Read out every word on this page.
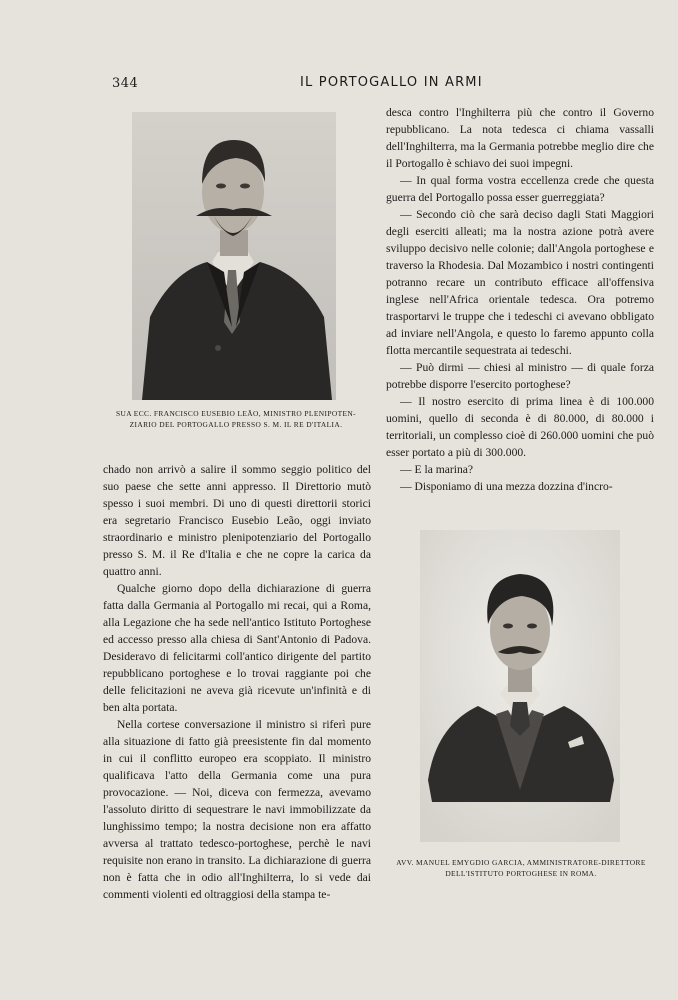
344	IL PORTOGALLO IN ARMI
SUA ECC. FRANCISCO EUSEBIO LEÃO, MINISTRO PLENIPOTEN-
ZIARIO DEL PORTOGALLO PRESSO S. M. IL RE D'ITALIA.

chado non arrivò a salire il sommo seggio politico del suo paese che sette anni appresso. Il Direttorio mutò spesso i suoi membri. Di uno di questi direttorii storici era segretario Francisco Eusebio Leão, oggi inviato straordinario e ministro plenipotenziario del Portogallo presso S. M. il Re d'Italia e che ne copre la carica da quattro anni.

Qualche giorno dopo della dichiarazione di guerra fatta dalla Germania al Portogallo mi recai, qui a Roma, alla Legazione che ha sede nell'antico Istituto Portoghese ed accesso presso alla chiesa di Sant'Antonio di Padova. Desideravo di felicitarmi coll'antico dirigente del partito repubblicano portoghese e lo trovai raggiante poi che delle felicitazioni ne aveva già ricevute un'infinità e di ben alta portata.

Nella cortese conversazione il ministro si riferì pure alla situazione di fatto già preesistente fin dal momento in cui il conflitto europeo era scoppiato. Il ministro qualificava l'atto della Germania come una pura provocazione. — Noi, diceva con fermezza, avevamo l'assoluto diritto di sequestrare le navi immobilizzate da lunghissimo tempo; la nostra decisione non era affatto avversa al trattato tedesco-portoghese, perchè le navi requisite non erano in transito. La dichiarazione di guerra non è fatta che in odio all'Inghilterra, lo si vede dai commenti violenti ed oltraggiosi della stampa te-

desca contro l'Inghilterra più che contro il Governo repubblicano. La nota tedesca ci chiama vassalli dell'Inghilterra, ma la Germania potrebbe meglio dire che il Portogallo è schiavo dei suoi impegni.

— In qual forma vostra eccellenza crede che questa guerra del Portogallo possa esser guerreggiata?

— Secondo ciò che sarà deciso dagli Stati Maggiori degli eserciti alleati; ma la nostra azione potrà avere sviluppo decisivo nelle colonie; dall'Angola portoghese e traverso la Rhodesia. Dal Mozambico i nostri contingenti potranno recare un contributo efficace all'offensiva inglese nell'Africa orientale tedesca. Ora potremo trasportarvi le truppe che i tedeschi ci avevano obbligato ad inviare nell'Angola, e questo lo faremo appunto colla flotta mercantile sequestrata ai tedeschi.

— Può dirmi — chiesi al ministro — di quale forza potrebbe disporre l'esercito portoghese?

— Il nostro esercito di prima linea è di 100.000 uomini, quello di seconda è di 80.000, di 80.000 i territoriali, un complesso cioè di 260.000 uomini che può esser portato a più di 300.000.

— E la marina?

— Disponiamo di una mezza dozzina d'incro-

AVV. MANUEL EMYGDIO GARCIA, AMMINISTRATORE-DIRETTORE
DELL'ISTITUTO PORTOGHESE IN ROMA.
